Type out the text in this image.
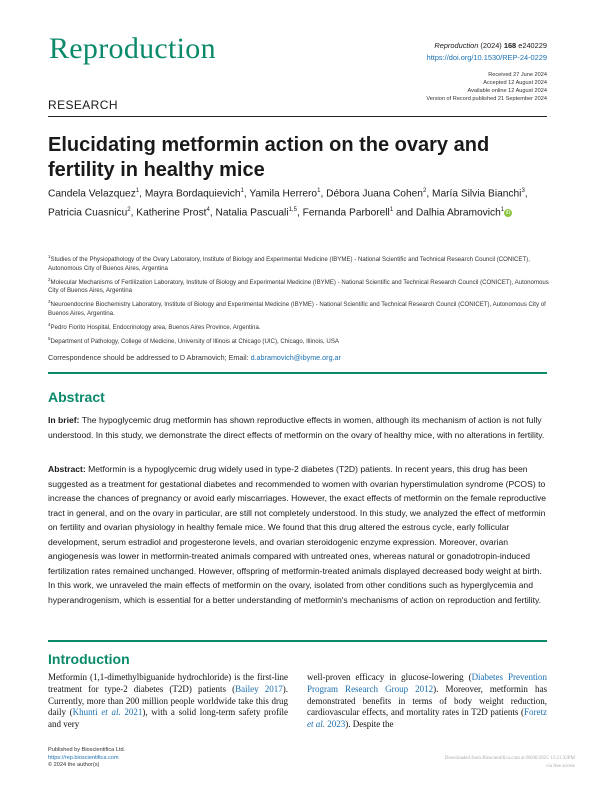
Reproduction	Reproduction (2024) 168 e240229
https://doi.org/10.1530/REP-24-0229
Received 27 June 2024
Accepted 12 August 2024
Available online 12 August 2024
Version of Record published 21 September 2024
RESEARCH
Elucidating metformin action on the ovary and fertility in healthy mice
Candela Velazquez$^1$, Mayra Bordaquievich$^1$, Yamila Herrero$^1$, Débora Juana Cohen$^2$, María Silvia Bianchi$^3$, Patricia Cuasnicu$^2$, Katherine Prost$^4$, Natalia Pascuali$^{1,5}$, Fernanda Parborell$^1$ and Dalhia Abramovich$^1$ iD

$^1$Studies of the Physiopathology of the Ovary Laboratory, Institute of Biology and Experimental Medicine (IBYME) - National Scientific and Technical Research Council (CONICET), Autonomous City of Buenos Aires, Argentina

$^2$Molecular Mechanisms of Fertilization Laboratory, Institute of Biology and Experimental Medicine (IBYME) - National Scientific and Technical Research Council (CONICET), Autonomous City of Buenos Aires, Argentina

$^3$Neuroendocrine Biochemistry Laboratory, Institute of Biology and Experimental Medicine (IBYME) - National Scientific and Technical Research Council (CONICET), Autonomous City of Buenos Aires, Argentina.

$^4$Pedro Fiorito Hospital, Endocrinology area, Buenos Aires Province, Argentina.

$^5$Department of Pathology, College of Medicine, University of Illinois at Chicago (UIC), Chicago, Illinois, USA

Correspondence should be addressed to D Abramovich; Email: d.abramovich@ibyme.org.ar
Abstract
In brief: The hypoglycemic drug metformin has shown reproductive effects in women, although its mechanism of action is not fully understood. In this study, we demonstrate the direct effects of metformin on the ovary of healthy mice, with no alterations in fertility.
Abstract: Metformin is a hypoglycemic drug widely used in type-2 diabetes (T2D) patients. In recent years, this drug has been suggested as a treatment for gestational diabetes and recommended to women with ovarian hyperstimulation syndrome (PCOS) to increase the chances of pregnancy or avoid early miscarriages. However, the exact effects of metformin on the female reproductive tract in general, and on the ovary in particular, are still not completely understood. In this study, we analyzed the effect of metformin on fertility and ovarian physiology in healthy female mice. We found that this drug altered the estrous cycle, early follicular development, serum estradiol and progesterone levels, and ovarian steroidogenic enzyme expression. Moreover, ovarian angiogenesis was lower in metformin-treated animals compared with untreated ones, whereas natural or gonadotropin-induced fertilization rates remained unchanged. However, offspring of metformin-treated animals displayed decreased body weight at birth. In this work, we unraveled the main effects of metformin on the ovary, isolated from other conditions such as hyperglycemia and hyperandrogenism, which is essential for a better understanding of metformin's mechanisms of action on reproduction and fertility.
Introduction
Metformin (1,1-dimethylbiguanide hydrochloride) is the first-line treatment for type-2 diabetes (T2D) patients (Bailey 2017). Currently, more than 200 million people worldwide take this drug daily (Khunti et al. 2021), with a solid long-term safety profile and very
well-proven efficacy in glucose-lowering (Diabetes Prevention Program Research Group 2012). Moreover, metformin has demonstrated benefits in terms of body weight reduction, cardiovascular effects, and mortality rates in T2D patients (Foretz et al. 2023). Despite the
Published by Bioscientifica Ltd.
https://rep.bioscientifica.com
© 2024 the author(s)
Downloaded from Bioscientifica.com at 06/06/2025 12:21:32PM
via free access
